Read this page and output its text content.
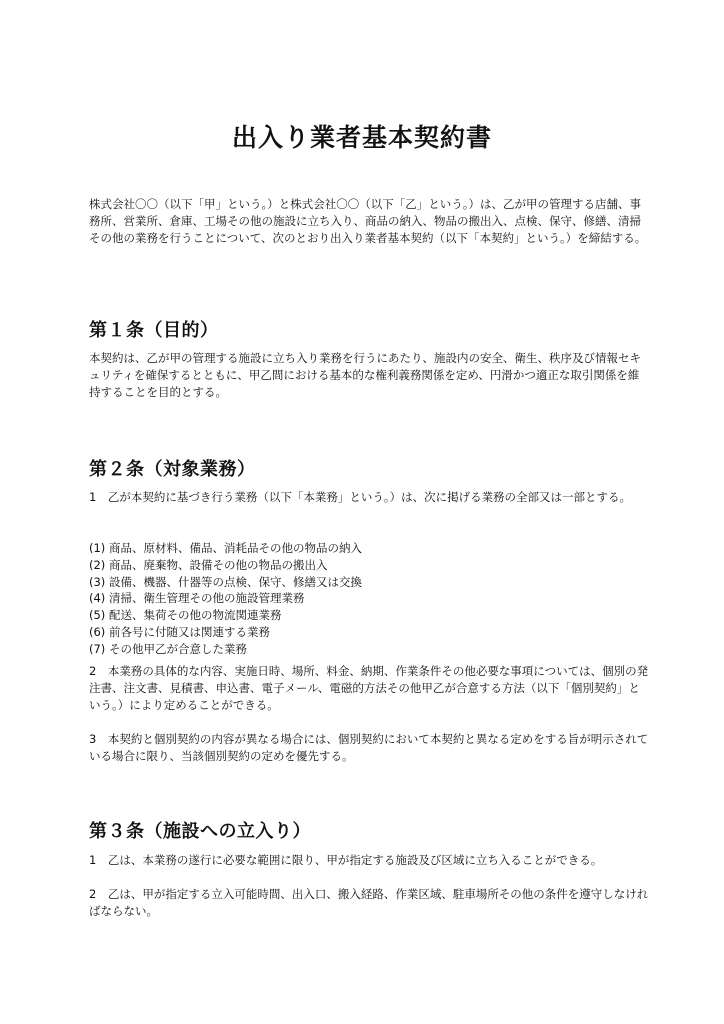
出入り業者基本契約書

株式会社〇〇（以下「甲」という。）と株式会社〇〇（以下「乙」という。）は、乙が甲の管理する店舗、事務所、営業所、倉庫、工場その他の施設に立ち入り、商品の納入、物品の搬出入、点検、保守、修繕、清掃その他の業務を行うことについて、次のとおり出入り業者基本契約（以下「本契約」という。）を締結する。

第１条（目的）

本契約は、乙が甲の管理する施設に立ち入り業務を行うにあたり、施設内の安全、衛生、秩序及び情報セキュリティを確保するとともに、甲乙間における基本的な権利義務関係を定め、円滑かつ適正な取引関係を維持することを目的とする。

第２条（対象業務）

1　乙が本契約に基づき行う業務（以下「本業務」という。）は、次に掲げる業務の全部又は一部とする。

(1) 商品、原材料、備品、消耗品その他の物品の納入
(2) 商品、廃棄物、設備その他の物品の搬出入
(3) 設備、機器、什器等の点検、保守、修繕又は交換
(4) 清掃、衛生管理その他の施設管理業務
(5) 配送、集荷その他の物流関連業務
(6) 前各号に付随又は関連する業務
(7) その他甲乙が合意した業務

2　本業務の具体的な内容、実施日時、場所、料金、納期、作業条件その他必要な事項については、個別の発注書、注文書、見積書、申込書、電子メール、電磁的方法その他甲乙が合意する方法（以下「個別契約」という。）により定めることができる。

3　本契約と個別契約の内容が異なる場合には、個別契約において本契約と異なる定めをする旨が明示されている場合に限り、当該個別契約の定めを優先する。

第３条（施設への立入り）

1　乙は、本業務の遂行に必要な範囲に限り、甲が指定する施設及び区域に立ち入ることができる。

2　乙は、甲が指定する立入可能時間、出入口、搬入経路、作業区域、駐車場所その他の条件を遵守しなければならない。
